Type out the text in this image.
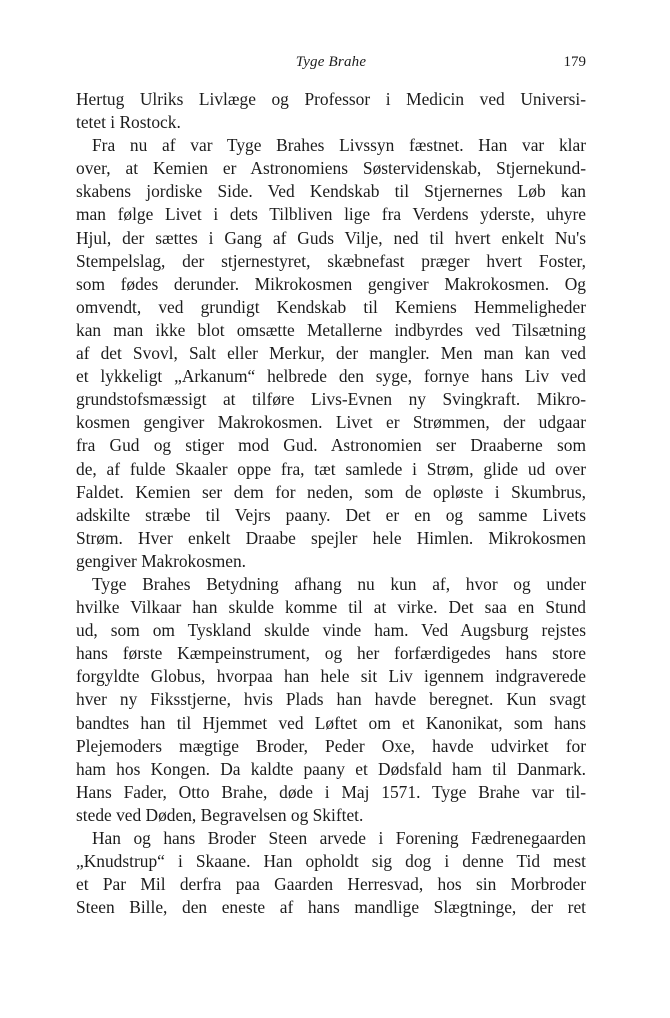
Tyge Brahe	179
Hertug Ulriks Livlæge og Professor i Medicin ved Universi-
tetet i Rostock.
Fra nu af var Tyge Brahes Livssyn fæstnet. Han var klar
over, at Kemien er Astronomiens Søstervidenskab, Stjernekund-
skabens jordiske Side. Ved Kendskab til Stjernernes Løb kan
man følge Livet i dets Tilbliven lige fra Verdens yderste, uhyre
Hjul, der sættes i Gang af Guds Vilje, ned til hvert enkelt Nu's
Stempelslag, der stjernestyret, skæbnefast præger hvert Foster,
som fødes derunder. Mikrokosmen gengiver Makrokosmen. Og
omvendt, ved grundigt Kendskab til Kemiens Hemmeligheder
kan man ikke blot omsætte Metallerne indbyrdes ved Tilsætning
af det Svovl, Salt eller Merkur, der mangler. Men man kan ved
et lykkeligt „Arkanum“ helbrede den syge, fornye hans Liv ved
grundstofsmæssigt at tilføre Livs-Evnen ny Svingkraft. Mikro-
kosmen gengiver Makrokosmen. Livet er Strømmen, der udgaar
fra Gud og stiger mod Gud. Astronomien ser Draaberne som
de, af fulde Skaaler oppe fra, tæt samlede i Strøm, glide ud over
Faldet. Kemien ser dem for neden, som de opløste i Skumbrus,
adskilte stræbe til Vejrs paany. Det er en og samme Livets
Strøm. Hver enkelt Draabe spejler hele Himlen. Mikrokosmen
gengiver Makrokosmen.
Tyge Brahes Betydning afhang nu kun af, hvor og under
hvilke Vilkaar han skulde komme til at virke. Det saa en Stund
ud, som om Tyskland skulde vinde ham. Ved Augsburg rejstes
hans første Kæmpeinstrument, og her forfærdigedes hans store
forgyldte Globus, hvorpaa han hele sit Liv igennem indgraverede
hver ny Fiksstjerne, hvis Plads han havde beregnet. Kun svagt
bandtes han til Hjemmet ved Løftet om et Kanonikat, som hans
Plejemoders mægtige Broder, Peder Oxe, havde udvirket for
ham hos Kongen. Da kaldte paany et Dødsfald ham til Danmark.
Hans Fader, Otto Brahe, døde i Maj 1571. Tyge Brahe var til-
stede ved Døden, Begravelsen og Skiftet.
Han og hans Broder Steen arvede i Forening Fædrenegaarden
„Knudstrup“ i Skaane. Han opholdt sig dog i denne Tid mest
et Par Mil derfra paa Gaarden Herresvad, hos sin Morbroder
Steen Bille, den eneste af hans mandlige Slægtninge, der ret
